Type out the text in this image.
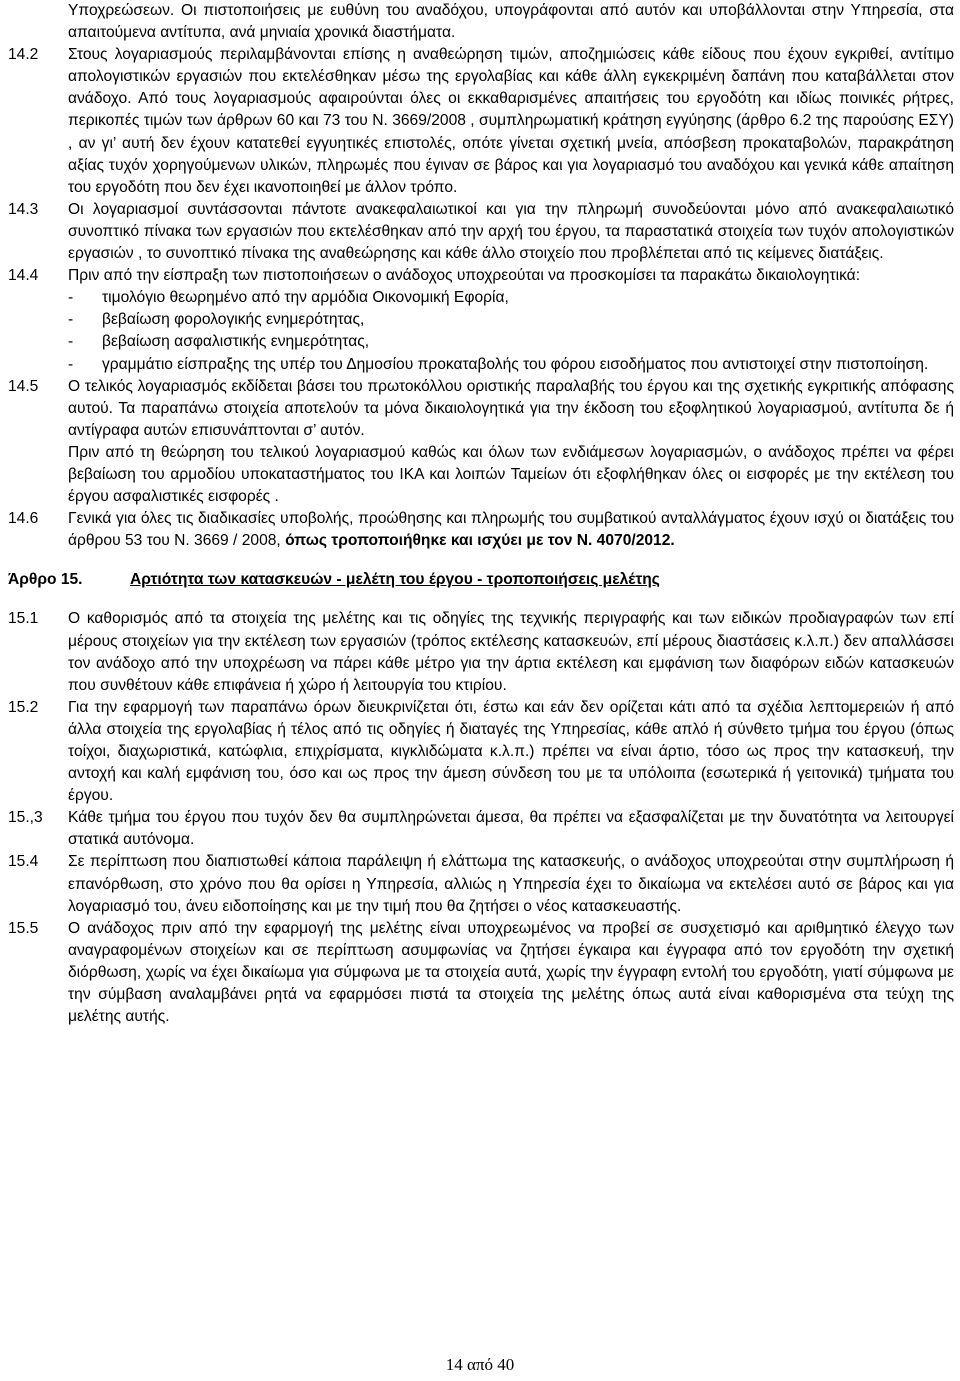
Υποχρεώσεων. Οι πιστοποιήσεις με ευθύνη του αναδόχου, υπογράφονται από αυτόν και υποβάλλονται στην Υπηρεσία, στα απαιτούμενα αντίτυπα, ανά μηνιαία χρονικά διαστήματα.
14.2	Στους λογαριασμούς περιλαμβάνονται επίσης η αναθεώρηση τιμών, αποζημιώσεις κάθε είδους που έχουν εγκριθεί, αντίτιμο απολογιστικών εργασιών που εκτελέσθηκαν μέσω της εργολαβίας και κάθε άλλη εγκεκριμένη δαπάνη που καταβάλλεται στον ανάδοχο. Από τους λογαριασμούς αφαιρούνται όλες οι εκκαθαρισμένες απαιτήσεις του εργοδότη και ιδίως ποινικές ρήτρες, περικοπές τιμών των άρθρων 60 και 73 του Ν. 3669/2008 , συμπληρωματική κράτηση εγγύησης (άρθρο 6.2 της παρούσης ΕΣΥ) , αν γι’ αυτή δεν έχουν κατατεθεί εγγυητικές επιστολές, οπότε γίνεται σχετική μνεία, απόσβεση προκαταβολών, παρακράτηση αξίας τυχόν χορηγούμενων υλικών, πληρωμές που έγιναν σε βάρος και για λογαριασμό του αναδόχου και γενικά κάθε απαίτηση του εργοδότη που δεν έχει ικανοποιηθεί με άλλον τρόπο.
14.3	Οι λογαριασμοί συντάσσονται πάντοτε ανακεφαλαιωτικοί και για την πληρωμή συνοδεύονται μόνο από ανακεφαλαιωτικό συνοπτικό πίνακα των εργασιών που εκτελέσθηκαν από την αρχή του έργου, τα παραστατικά στοιχεία των τυχόν απολογιστικών εργασιών , το συνοπτικό πίνακα της αναθεώρησης και κάθε άλλο στοιχείο που προβλέπεται από τις κείμενες διατάξεις.
14.4	Πριν από την είσπραξη των πιστοποιήσεων ο ανάδοχος υποχρεούται να προσκομίσει τα παρακάτω δικαιολογητικά:
-	τιμολόγιο θεωρημένο από την αρμόδια Οικονομική Εφορία,
-	βεβαίωση φορολογικής ενημερότητας,
-	βεβαίωση ασφαλιστικής ενημερότητας,
-	γραμμάτιο είσπραξης της υπέρ του Δημοσίου προκαταβολής του φόρου εισοδήματος που αντιστοιχεί στην πιστοποίηση.
14.5	Ο τελικός λογαριασμός εκδίδεται βάσει του πρωτοκόλλου οριστικής παραλαβής του έργου και της σχετικής εγκριτικής απόφασης αυτού. Τα παραπάνω στοιχεία αποτελούν τα μόνα δικαιολογητικά για την έκδοση του εξοφλητικού λογαριασμού, αντίτυπα δε ή αντίγραφα αυτών επισυνάπτονται σ’ αυτόν.
Πριν από τη θεώρηση του τελικού λογαριασμού καθώς και όλων των ενδιάμεσων λογαριασμών, ο ανάδοχος πρέπει να φέρει βεβαίωση του αρμοδίου υποκαταστήματος του ΙΚΑ και λοιπών Ταμείων ότι εξοφλήθηκαν όλες οι εισφορές με την εκτέλεση του έργου ασφαλιστικές εισφορές .
14.6	Γενικά για όλες τις διαδικασίες υποβολής, προώθησης και πληρωμής του συμβατικού ανταλλάγματος έχουν ισχύ οι διατάξεις του άρθρου 53 του Ν. 3669 / 2008, όπως τροποποιήθηκε και ισχύει με τον Ν. 4070/2012.
Άρθρο 15.	Αρτιότητα των κατασκευών - μελέτη του έργου - τροποποιήσεις μελέτης
15.1	Ο καθορισμός από τα στοιχεία της μελέτης και τις οδηγίες της τεχνικής περιγραφής και των ειδικών προδιαγραφών των επί μέρους στοιχείων για την εκτέλεση των εργασιών (τρόπος εκτέλεσης κατασκευών, επί μέρους διαστάσεις κ.λ.π.) δεν απαλλάσσει τον ανάδοχο από την υποχρέωση να πάρει κάθε μέτρο για την άρτια εκτέλεση και εμφάνιση των διαφόρων ειδών κατασκευών που συνθέτουν κάθε επιφάνεια ή χώρο ή λειτουργία του κτιρίου.
15.2	Για την εφαρμογή των παραπάνω όρων διευκρινίζεται ότι, έστω και εάν δεν ορίζεται κάτι από τα σχέδια λεπτομερειών ή από άλλα στοιχεία της εργολαβίας ή τέλος από τις οδηγίες ή διαταγές της Υπηρεσίας, κάθε απλό ή σύνθετο τμήμα του έργου (όπως τοίχοι, διαχωριστικά, κατώφλια, επιχρίσματα, κιγκλιδώματα κ.λ.π.) πρέπει να είναι άρτιο, τόσο ως προς την κατασκευή, την αντοχή και καλή εμφάνιση του, όσο και ως προς την άμεση σύνδεση του με τα υπόλοιπα (εσωτερικά ή γειτονικά) τμήματα του έργου.
15.,3	Κάθε τμήμα του έργου που τυχόν δεν θα συμπληρώνεται άμεσα, θα πρέπει να εξασφαλίζεται με την δυνατότητα να λειτουργεί στατικά αυτόνομα.
15.4	Σε περίπτωση που διαπιστωθεί κάποια παράλειψη ή ελάττωμα της κατασκευής, ο ανάδοχος υποχρεούται στην συμπλήρωση ή επανόρθωση, στο χρόνο που θα ορίσει η Υπηρεσία, αλλιώς η Υπηρεσία έχει το δικαίωμα να εκτελέσει αυτό σε βάρος και για λογαριασμό του, άνευ ειδοποίησης και με την τιμή που θα ζητήσει ο νέος κατασκευαστής.
15.5	Ο ανάδοχος πριν από την εφαρμογή της μελέτης είναι υποχρεωμένος να προβεί σε συσχετισμό και αριθμητικό έλεγχο των αναγραφομένων στοιχείων και σε περίπτωση ασυμφωνίας να ζητήσει έγκαιρα και έγγραφα από τον εργοδότη την σχετική διόρθωση, χωρίς να έχει δικαίωμα για σύμφωνα με τα στοιχεία αυτά, χωρίς την έγγραφη εντολή του εργοδότη, γιατί σύμφωνα με την σύμβαση αναλαμβάνει ρητά να εφαρμόσει πιστά τα στοιχεία της μελέτης όπως αυτά είναι καθορισμένα στα τεύχη της μελέτης αυτής.
14 από 40
